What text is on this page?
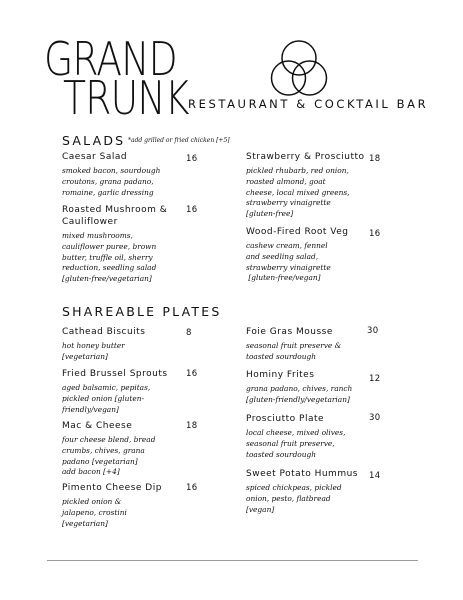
GRAND
TRUNK RESTAURANT & COCKTAIL BAR
SALADS *add grilled or fried chicken [+5]
Caesar Salad
smoked bacon, sourdough
croutons, grana padano,
romaine, garlic dressing
16
Roasted Mushroom &
Cauliflower
mixed mushrooms,
cauliflower puree, brown
butter, truffle oil, sherry
reduction, seedling salad
[gluten-free/vegetarian]
16
Strawberry & Prosciutto
pickled rhubarb, red onion,
roasted almond, goat
cheese, local mixed greens,
strawberry vinaigrette
[gluten-free]
18
Wood-Fired Root Veg
cashew cream, fennel
and seedling salad,
strawberry vinaigrette
[gluten-free/vegan]
16
SHAREABLE PLATES
Cathead Biscuits
hot honey butter
[vegetarian]
8
Fried Brussel Sprouts
aged balsamic, pepitas,
pickled onion [gluten-
friendly/vegan]
16
Mac & Cheese
four cheese blend, bread
crumbs, chives, grana
padano [vegetarian]
add bacon [+4]
18
Pimento Cheese Dip
pickled onion &
jalapeno, crostini
[vegetarian]
16
Foie Gras Mousse
seasonal fruit preserve &
toasted sourdough
30
Hominy Frites
grana padano, chives, ranch
[gluten-friendly/vegetarian]
12
Prosciutto Plate
local cheese, mixed olives,
seasonal fruit preserve,
toasted sourdough
30
Sweet Potato Hummus
spiced chickpeas, pickled
onion, pesto, flatbread
[vegan]
14
